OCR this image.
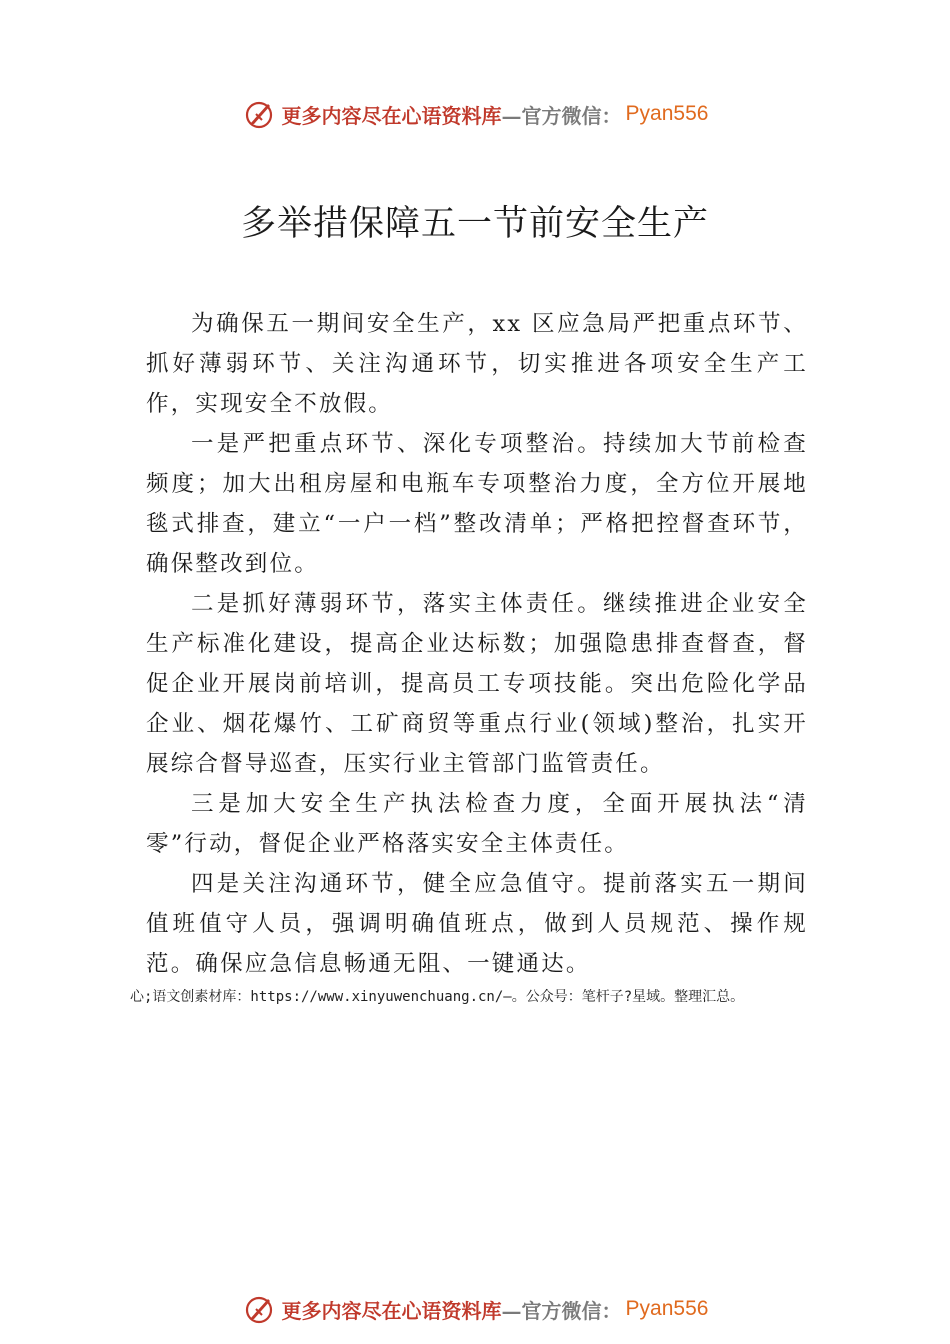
更多内容尽在心语资料库 —官方微信： Pyan556
多举措保障五一节前安全生产

为确保五一期间安全生产，xx 区应急局严把重点环节、抓好薄弱环节、关注沟通环节，切实推进各项安全生产工作，实现安全不放假。

一是严把重点环节、深化专项整治。持续加大节前检查频度；加大出租房屋和电瓶车专项整治力度，全方位开展地毯式排查，建立“一户一档”整改清单；严格把控督查环节，确保整改到位。

二是抓好薄弱环节，落实主体责任。继续推进企业安全生产标准化建设，提高企业达标数；加强隐患排查督查，督促企业开展岗前培训，提高员工专项技能。突出危险化学品企业、烟花爆竹、工矿商贸等重点行业(领域)整治，扎实开展综合督导巡查，压实行业主管部门监管责任。

三是加大安全生产执法检查力度，全面开展执法“清零”行动，督促企业严格落实安全主体责任。

四是关注沟通环节，健全应急值守。提前落实五一期间值班值守人员，强调明确值班点，做到人员规范、操作规范。确保应急信息畅通无阻、一键通达。

心;语文创素材库：https://www.xinyuwenchuang.cn/—。公众号：笔杆子?星域。整理汇总。
更多内容尽在心语资料库 —官方微信： Pyan556
